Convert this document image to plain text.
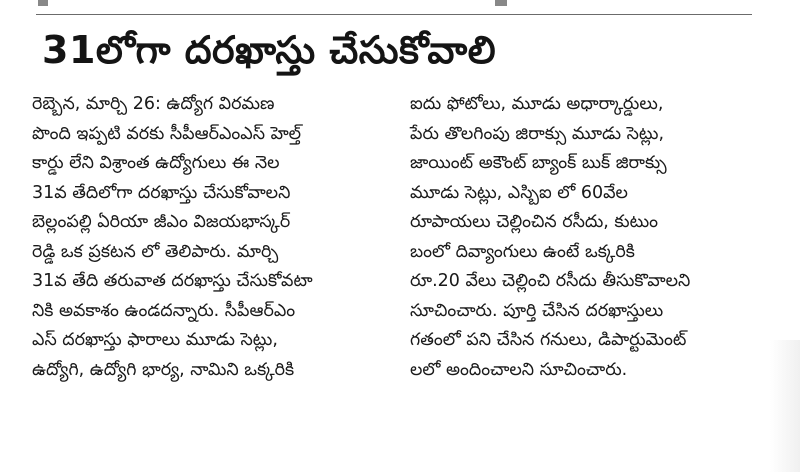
31లోగా దరఖాస్తు చేసుకోవాలి
రెబ్బెన, మార్చి 26: ఉద్యోగ విరమణ
పొంది ఇప్పటి వరకు సీపీఆర్ఎంఎస్ హెల్త్
కార్డు లేని విశ్రాంత ఉద్యోగులు ఈ నెల
31వ తేదిలోగా దరఖాస్తు చేసుకోవాలని
బెల్లంపల్లి ఏరియా జీఎం విజయభాస్కర్
రెడ్డి ఒక ప్రకటన లో తెలిపారు. మార్చి
31వ తేది తరువాత దరఖాస్తు చేసుకోవటా
నికి అవకాశం ఉండదన్నారు. సీపీఆర్ఎం
ఎస్ దరఖాస్తు ఫారాలు మూడు సెట్లు,
ఉద్యోగి, ఉద్యోగి భార్య, నామిని ఒక్కరికి
ఐదు ఫోటోలు, మూడు అధార్కార్డులు,
పేరు తొలగింపు జిరాక్సు మూడు సెట్లు,
జాయింట్ అకౌంట్ బ్యాంక్ బుక్ జిరాక్సు
మూడు సెట్లు, ఎస్బిఐ లో 60వేల
రూపాయలు చెల్లించిన రసీదు, కుటుం
బంలో దివ్యాంగులు ఉంటే ఒక్కరికి
రూ.20 వేలు చెల్లించి రసీదు తీసుకొవాలని
సూచించారు. పూర్తి చేసిన దరఖాస్తులు
గతంలో పని చేసిన గనులు, డిపార్టుమెంట్
లలో అందించాలని సూచించారు.
